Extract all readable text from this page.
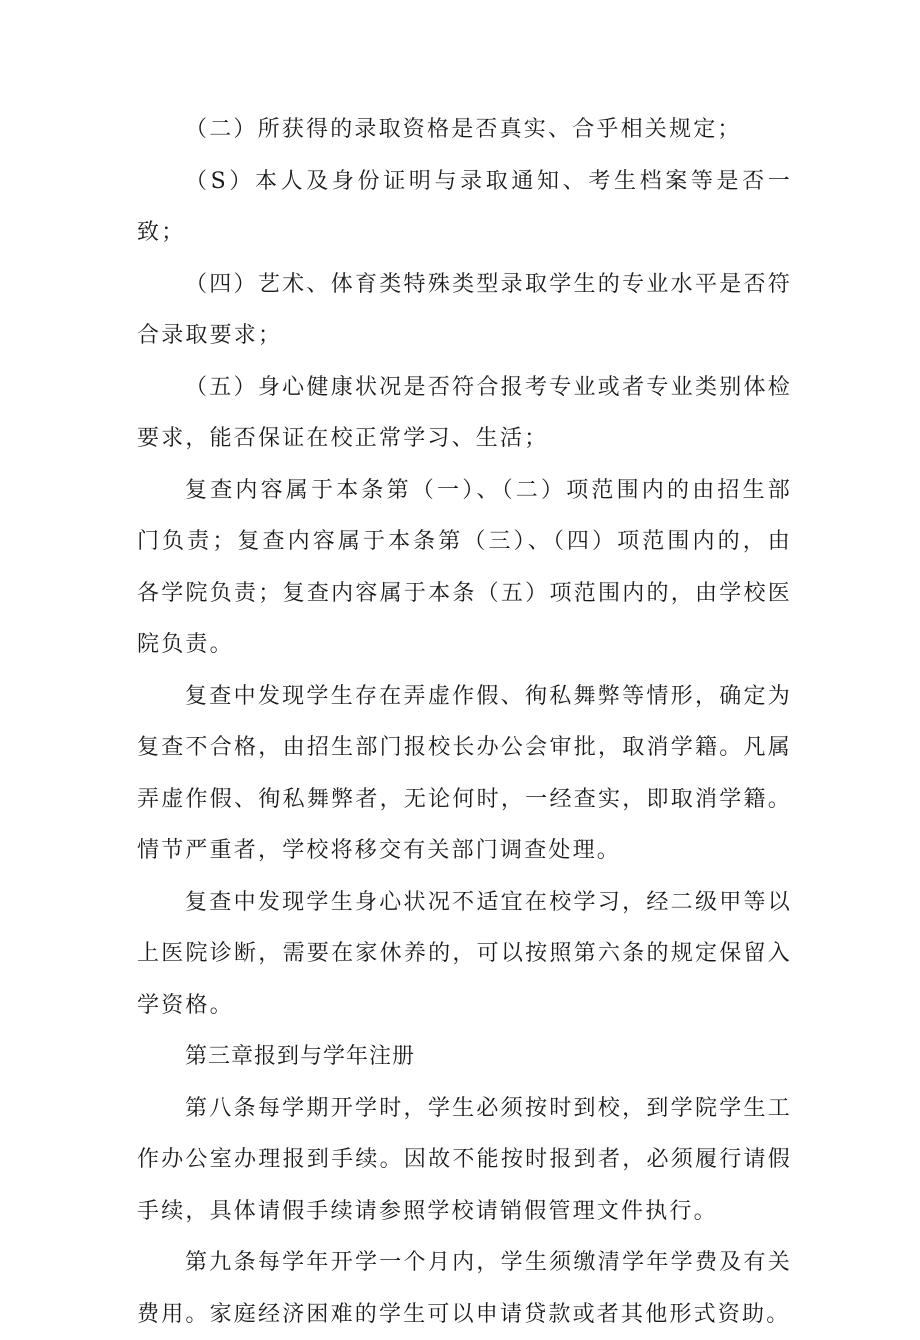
（二）所获得的录取资格是否真实、合乎相关规定；

（S）本人及身份证明与录取通知、考生档案等是否一致；

（四）艺术、体育类特殊类型录取学生的专业水平是否符合录取要求；

（五）身心健康状况是否符合报考专业或者专业类别体检要求，能否保证在校正常学习、生活；

复查内容属于本条第（一）、（二）项范围内的由招生部门负责；复查内容属于本条第（三）、（四）项范围内的，由各学院负责；复查内容属于本条（五）项范围内的，由学校医院负责。

复查中发现学生存在弄虚作假、徇私舞弊等情形，确定为复查不合格，由招生部门报校长办公会审批，取消学籍。凡属弄虚作假、徇私舞弊者，无论何时，一经查实，即取消学籍。情节严重者，学校将移交有关部门调查处理。

复查中发现学生身心状况不适宜在校学习，经二级甲等以上医院诊断，需要在家休养的，可以按照第六条的规定保留入学资格。

第三章报到与学年注册

第八条每学期开学时，学生必须按时到校，到学院学生工作办公室办理报到手续。因故不能按时报到者，必须履行请假手续，具体请假手续请参照学校请销假管理文件执行。

第九条每学年开学一个月内，学生须缴清学年学费及有关费用。家庭经济困难的学生可以申请贷款或者其他形式资助。
